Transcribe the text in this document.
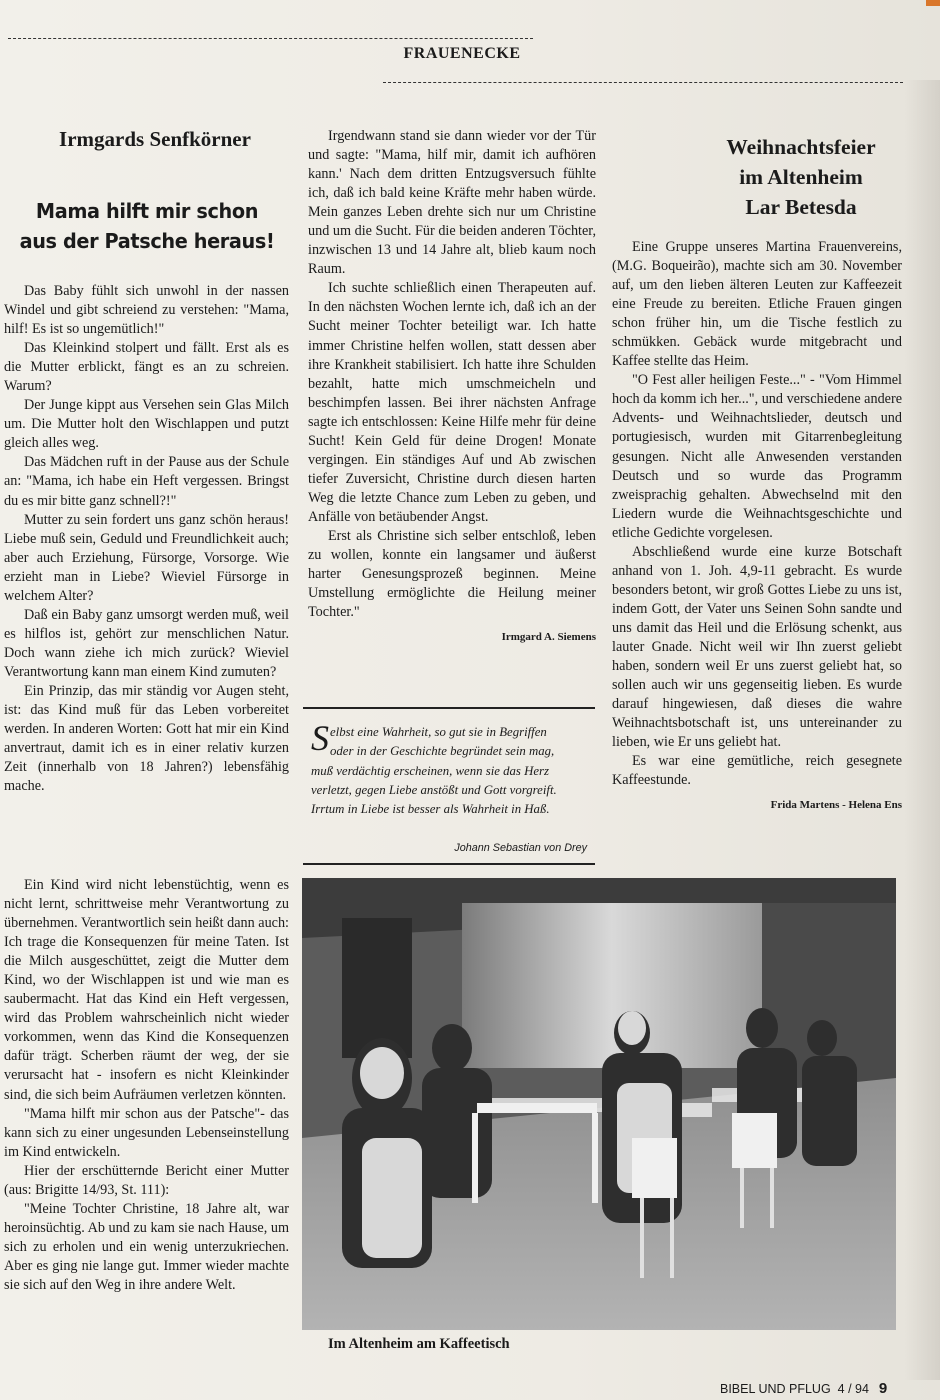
FRAUENECKE
Irmgards Senfkörner
Mama hilft mir schon
aus der Patsche heraus!

Das Baby fühlt sich unwohl in der nassen Windel und gibt schreiend zu verstehen: "Mama, hilf! Es ist so ungemütlich!"

Das Kleinkind stolpert und fällt. Erst als es die Mutter erblickt, fängt es an zu schreien. Warum?

Der Junge kippt aus Versehen sein Glas Milch um. Die Mutter holt den Wischlappen und putzt gleich alles weg.

Das Mädchen ruft in der Pause aus der Schule an: "Mama, ich habe ein Heft vergessen. Bringst du es mir bitte ganz schnell?!"

Mutter zu sein fordert uns ganz schön heraus! Liebe muß sein, Geduld und Freundlichkeit auch; aber auch Erziehung, Fürsorge, Vorsorge. Wie erzieht man in Liebe? Wieviel Fürsorge in welchem Alter?

Daß ein Baby ganz umsorgt werden muß, weil es hilflos ist, gehört zur menschlichen Natur. Doch wann ziehe ich mich zurück? Wieviel Verantwortung kann man einem Kind zumuten?

Ein Prinzip, das mir ständig vor Augen steht, ist: das Kind muß für das Leben vorbereitet werden. In anderen Worten: Gott hat mir ein Kind anvertraut, damit ich es in einer relativ kurzen Zeit (innerhalb von 18 Jahren?) lebensfähig mache.

Ein Kind wird nicht lebenstüchtig, wenn es nicht lernt, schrittweise mehr Verantwortung zu übernehmen. Verantwortlich sein heißt dann auch: Ich trage die Konsequenzen für meine Taten. Ist die Milch ausgeschüttet, zeigt die Mutter dem Kind, wo der Wischlappen ist und wie man es saubermacht. Hat das Kind ein Heft vergessen, wird das Problem wahrscheinlich nicht wieder vorkommen, wenn das Kind die Konsequenzen dafür trägt. Scherben räumt der weg, der sie verursacht hat - insofern es nicht Kleinkinder sind, die sich beim Aufräumen verletzen könnten.

"Mama hilft mir schon aus der Patsche"- das kann sich zu einer ungesunden Lebenseinstellung im Kind entwickeln.

Hier der erschütternde Bericht einer Mutter (aus: Brigitte 14/93, St. 111):

"Meine Tochter Christine, 18 Jahre alt, war heroinsüchtig. Ab und zu kam sie nach Hause, um sich zu erholen und ein wenig unterzukriechen. Aber es ging nie lange gut. Immer wieder machte sie sich auf den Weg in ihre andere Welt.

Irgendwann stand sie dann wieder vor der Tür und sagte: "Mama, hilf mir, damit ich aufhören kann.' Nach dem dritten Entzugsversuch fühlte ich, daß ich bald keine Kräfte mehr haben würde. Mein ganzes Leben drehte sich nur um Christine und um die Sucht. Für die beiden anderen Töchter, inzwischen 13 und 14 Jahre alt, blieb kaum noch Raum.

Ich suchte schließlich einen Therapeuten auf. In den nächsten Wochen lernte ich, daß ich an der Sucht meiner Tochter beteiligt war. Ich hatte immer Christine helfen wollen, statt dessen aber ihre Krankheit stabilisiert. Ich hatte ihre Schulden bezahlt, hatte mich umschmeicheln und beschimpfen lassen. Bei ihrer nächsten Anfrage sagte ich entschlossen: Keine Hilfe mehr für deine Sucht! Kein Geld für deine Drogen! Monate vergingen. Ein ständiges Auf und Ab zwischen tiefer Zuversicht, Christine durch diesen harten Weg die letzte Chance zum Leben zu geben, und Anfälle von betäubender Angst.

Erst als Christine sich selber entschloß, leben zu wollen, konnte ein langsamer und äußerst harter Genesungsprozeß beginnen. Meine Umstellung ermöglichte die Heilung meiner Tochter."

Irmgard A. Siemens

Selbst eine Wahrheit, so gut sie in Begriffen oder in der Geschichte begründet sein mag, muß verdächtig erscheinen, wenn sie das Herz verletzt, gegen Liebe anstößt und Gott vorgreift. Irrtum in Liebe ist besser als Wahrheit in Haß.
Johann Sebastian von Drey
Weihnachtsfeier
im Altenheim
Lar Betesda

Eine Gruppe unseres Martina Frauenvereins, (M.G. Boqueirão), machte sich am 30. November auf, um den lieben älteren Leuten zur Kaffeezeit eine Freude zu bereiten. Etliche Frauen gingen schon früher hin, um die Tische festlich zu schmükken. Gebäck wurde mitgebracht und Kaffee stellte das Heim.

"O Fest aller heiligen Feste..." - "Vom Himmel hoch da komm ich her...", und verschiedene andere Advents- und Weihnachtslieder, deutsch und portugiesisch, wurden mit Gitarrenbegleitung gesungen. Nicht alle Anwesenden verstanden Deutsch und so wurde das Programm zweisprachig gehalten. Abwechselnd mit den Liedern wurde die Weihnachtsgeschichte und etliche Gedichte vorgelesen.

Abschließend wurde eine kurze Botschaft anhand von 1. Joh. 4,9-11 gebracht. Es wurde besonders betont, wir groß Gottes Liebe zu uns ist, indem Gott, der Vater uns Seinen Sohn sandte und uns damit das Heil und die Erlösung schenkt, aus lauter Gnade. Nicht weil wir Ihn zuerst geliebt haben, sondern weil Er uns zuerst geliebt hat, so sollen auch wir uns gegenseitig lieben. Es wurde darauf hingewiesen, daß dieses die wahre Weihnachtsbotschaft ist, uns untereinander zu lieben, wie Er uns geliebt hat.

Es war eine gemütliche, reich gesegnete Kaffeestunde.

Frida Martens - Helena Ens

Im Altenheim am Kaffeetisch
BIBEL UND PFLUG 4 / 94 9
